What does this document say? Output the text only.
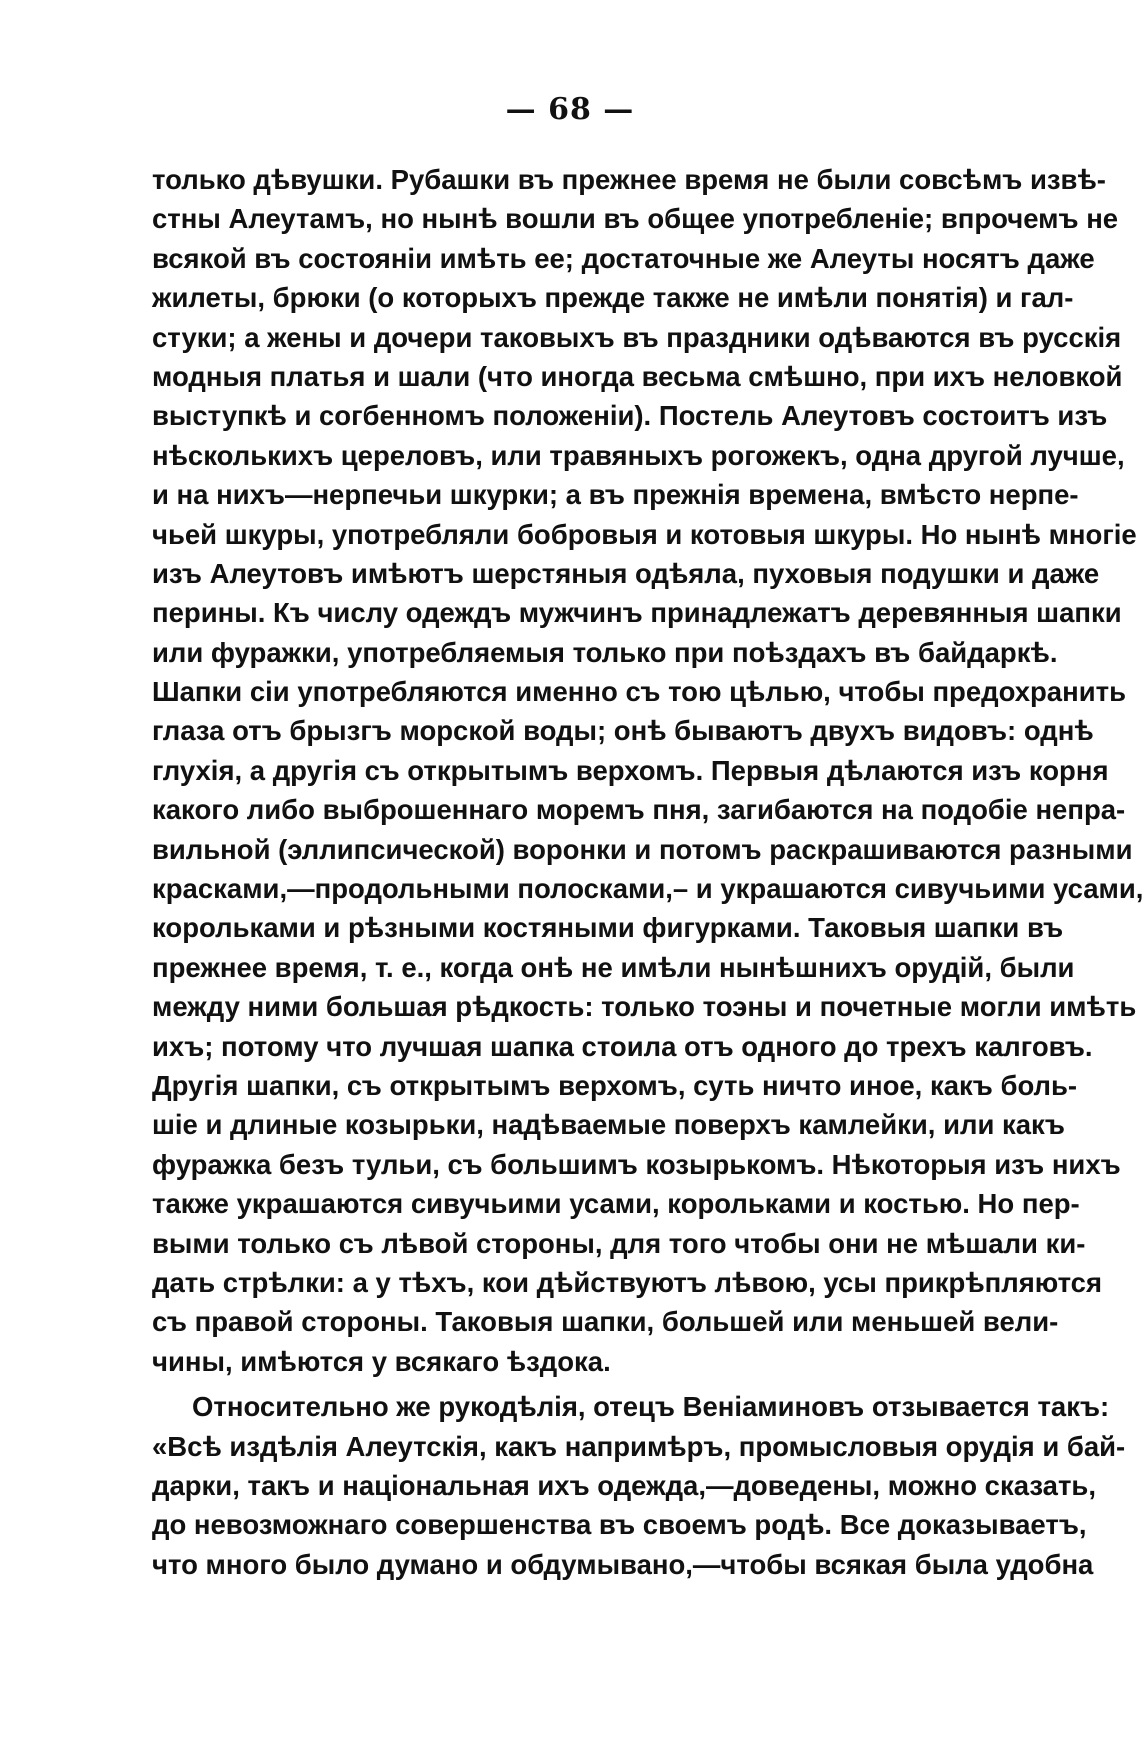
— 68 —
только дѣвушки. Рубашки въ прежнее время не были совсѣмъ извѣ-
стны Алеутамъ, но нынѣ вошли въ общее употребленіе; впрочемъ не
всякой въ состояніи имѣть ее; достаточные же Алеуты носятъ даже
жилеты, брюки (о которыхъ прежде также не имѣли понятія) и гал-
стуки; а жены и дочери таковыхъ въ праздники одѣваются въ русскія
модныя платья и шали (что иногда весьма смѣшно, при ихъ неловкой
выступкѣ и согбенномъ положеніи). Постель Алеутовъ состоитъ изъ
нѣсколькихъ цереловъ, или травяныхъ рогожекъ, одна другой лучше,
и на нихъ—нерпечьи шкурки; а въ прежнія времена, вмѣсто нерпе-
чьей шкуры, употребляли бобровыя и котовыя шкуры. Но нынѣ многіе
изъ Алеутовъ имѣютъ шерстяныя одѣяла, пуховыя подушки и даже
перины. Къ числу одеждъ мужчинъ принадлежатъ деревянныя шапки
или фуражки, употребляемыя только при поѣздахъ въ байдаркѣ.
Шапки сіи употребляются именно съ тою цѣлью, чтобы предохранить
глаза отъ брызгъ морской воды; онѣ бываютъ двухъ видовъ: однѣ
глухія, а другія съ открытымъ верхомъ. Первыя дѣлаются изъ корня
какого либо выброшеннаго моремъ пня, загибаются на подобіе непра-
вильной (эллипсической) воронки и потомъ раскрашиваются разными
красками,—продольными полосками,– и украшаются сивучьими усами,
корольками и рѣзными костяными фигурками. Таковыя шапки въ
прежнее время, т. е., когда онѣ не имѣли нынѣшнихъ орудій, были
между ними большая рѣдкость: только тоэны и почетные могли имѣть
ихъ; потому что лучшая шапка стоила отъ одного до трехъ калговъ.
Другія шапки, съ открытымъ верхомъ, суть ничто иное, какъ боль-
шіе и длиные козырьки, надѣваемые поверхъ камлейки, или какъ
фуражка безъ тульи, съ большимъ козырькомъ. Нѣкоторыя изъ нихъ
также украшаются сивучьими усами, корольками и костью. Но пер-
выми только съ лѣвой стороны, для того чтобы они не мѣшали ки-
дать стрѣлки: а у тѣхъ, кои дѣйствуютъ лѣвою, усы прикрѣпляются
съ правой стороны. Таковыя шапки, большей или меньшей вели-
чины, имѣются у всякаго ѣздока.
Относительно же рукодѣлія, отецъ Веніаминовъ отзывается такъ:
«Всѣ издѣлія Алеутскія, какъ напримѣръ, промысловыя орудія и бай-
дарки, такъ и національная ихъ одежда,—доведены, можно сказать,
до невозможнаго совершенства въ своемъ родѣ. Все доказываетъ,
что много было думано и обдумывано,—чтобы всякая была удобна
